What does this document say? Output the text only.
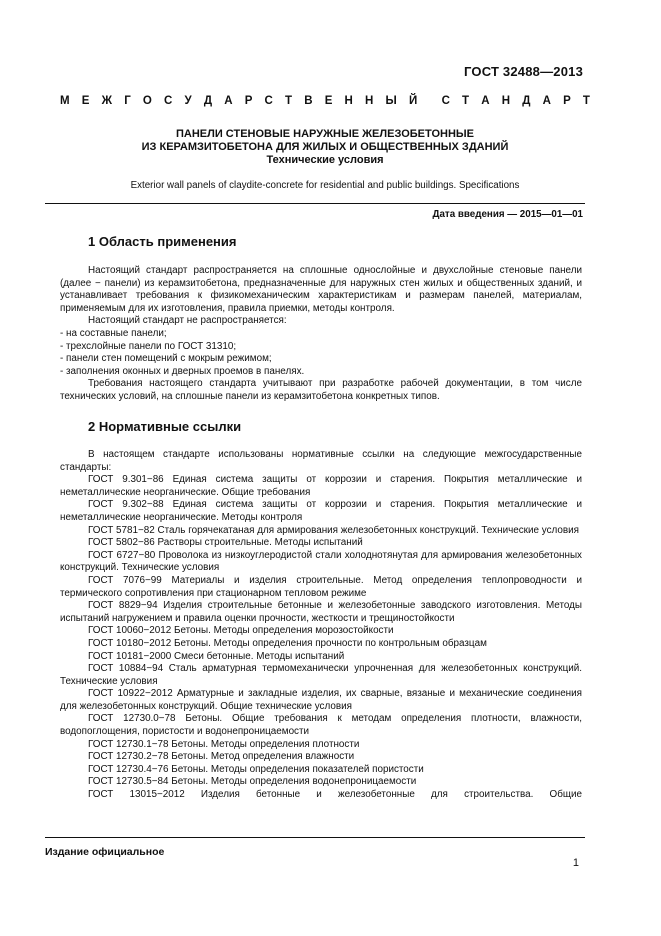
ГОСТ 32488—2013
М Е Ж Г О С У Д А Р С Т В Е Н Н Ы Й С Т А Н Д А Р Т
ПАНЕЛИ СТЕНОВЫЕ НАРУЖНЫЕ ЖЕЛЕЗОБЕТОННЫЕ
ИЗ КЕРАМЗИТОБЕТОНА ДЛЯ ЖИЛЫХ И ОБЩЕСТВЕННЫХ ЗДАНИЙ
Технические условия
Exterior wall panels of claydite-concrete for residential and public buildings. Specifications
Дата введения — 2015—01—01
1 Область применения

Настоящий стандарт распространяется на сплошные однослойные и двухслойные стеновые панели (далее − панели) из керамзитобетона, предназначенные для наружных стен жилых и общественных зданий, и устанавливает требования к физикомеханическим характеристикам и размерам панелей, материалам, применяемым для их изготовления, правила приемки, методы контроля.

Настоящий стандарт не распространяется:

- на составные панели;

- трехслойные панели по ГОСТ 31310;

- панели стен помещений с мокрым режимом;

- заполнения оконных и дверных проемов в панелях.

Требования настоящего стандарта учитывают при разработке рабочей документации, в том числе технических условий, на сплошные панели из керамзитобетона конкретных типов.

2 Нормативные ссылки

В настоящем стандарте использованы нормативные ссылки на следующие межгосударственные стандарты:

ГОСТ 9.301−86 Единая система защиты от коррозии и старения. Покрытия металлические и неметаллические неорганические. Общие требования

ГОСТ 9.302−88 Единая система защиты от коррозии и старения. Покрытия металлические и неметаллические неорганические. Методы контроля

ГОСТ 5781−82 Сталь горячекатаная для армирования железобетонных конструкций. Технические условия

ГОСТ 5802−86 Растворы строительные. Методы испытаний

ГОСТ 6727−80 Проволока из низкоуглеродистой стали холоднотянутая для армирования железобетонных конструкций. Технические условия

ГОСТ 7076−99 Материалы и изделия строительные. Метод определения теплопроводности и термического сопротивления при стационарном тепловом режиме

ГОСТ 8829−94 Изделия строительные бетонные и железобетонные заводского изготовления. Методы испытаний нагружением и правила оценки прочности, жесткости и трещиностойкости

ГОСТ 10060−2012 Бетоны. Методы определения морозостойкости

ГОСТ 10180−2012 Бетоны. Методы определения прочности по контрольным образцам

ГОСТ 10181−2000 Смеси бетонные. Методы испытаний

ГОСТ 10884−94 Сталь арматурная термомеханически упрочненная для железобетонных конструкций. Технические условия

ГОСТ 10922−2012 Арматурные и закладные изделия, их сварные, вязаные и механические соединения для железобетонных конструкций. Общие технические условия

ГОСТ 12730.0−78 Бетоны. Общие требования к методам определения плотности, влажности, водопоглощения, пористости и водонепроницаемости

ГОСТ 12730.1−78 Бетоны. Методы определения плотности

ГОСТ 12730.2−78 Бетоны. Метод определения влажности

ГОСТ 12730.4−76 Бетоны. Методы определения показателей пористости

ГОСТ 12730.5−84 Бетоны. Методы определения водонепроницаемости

ГОСТ 13015−2012 Изделия бетонные и железобетонные для строительства. Общие

Издание официальное
1
